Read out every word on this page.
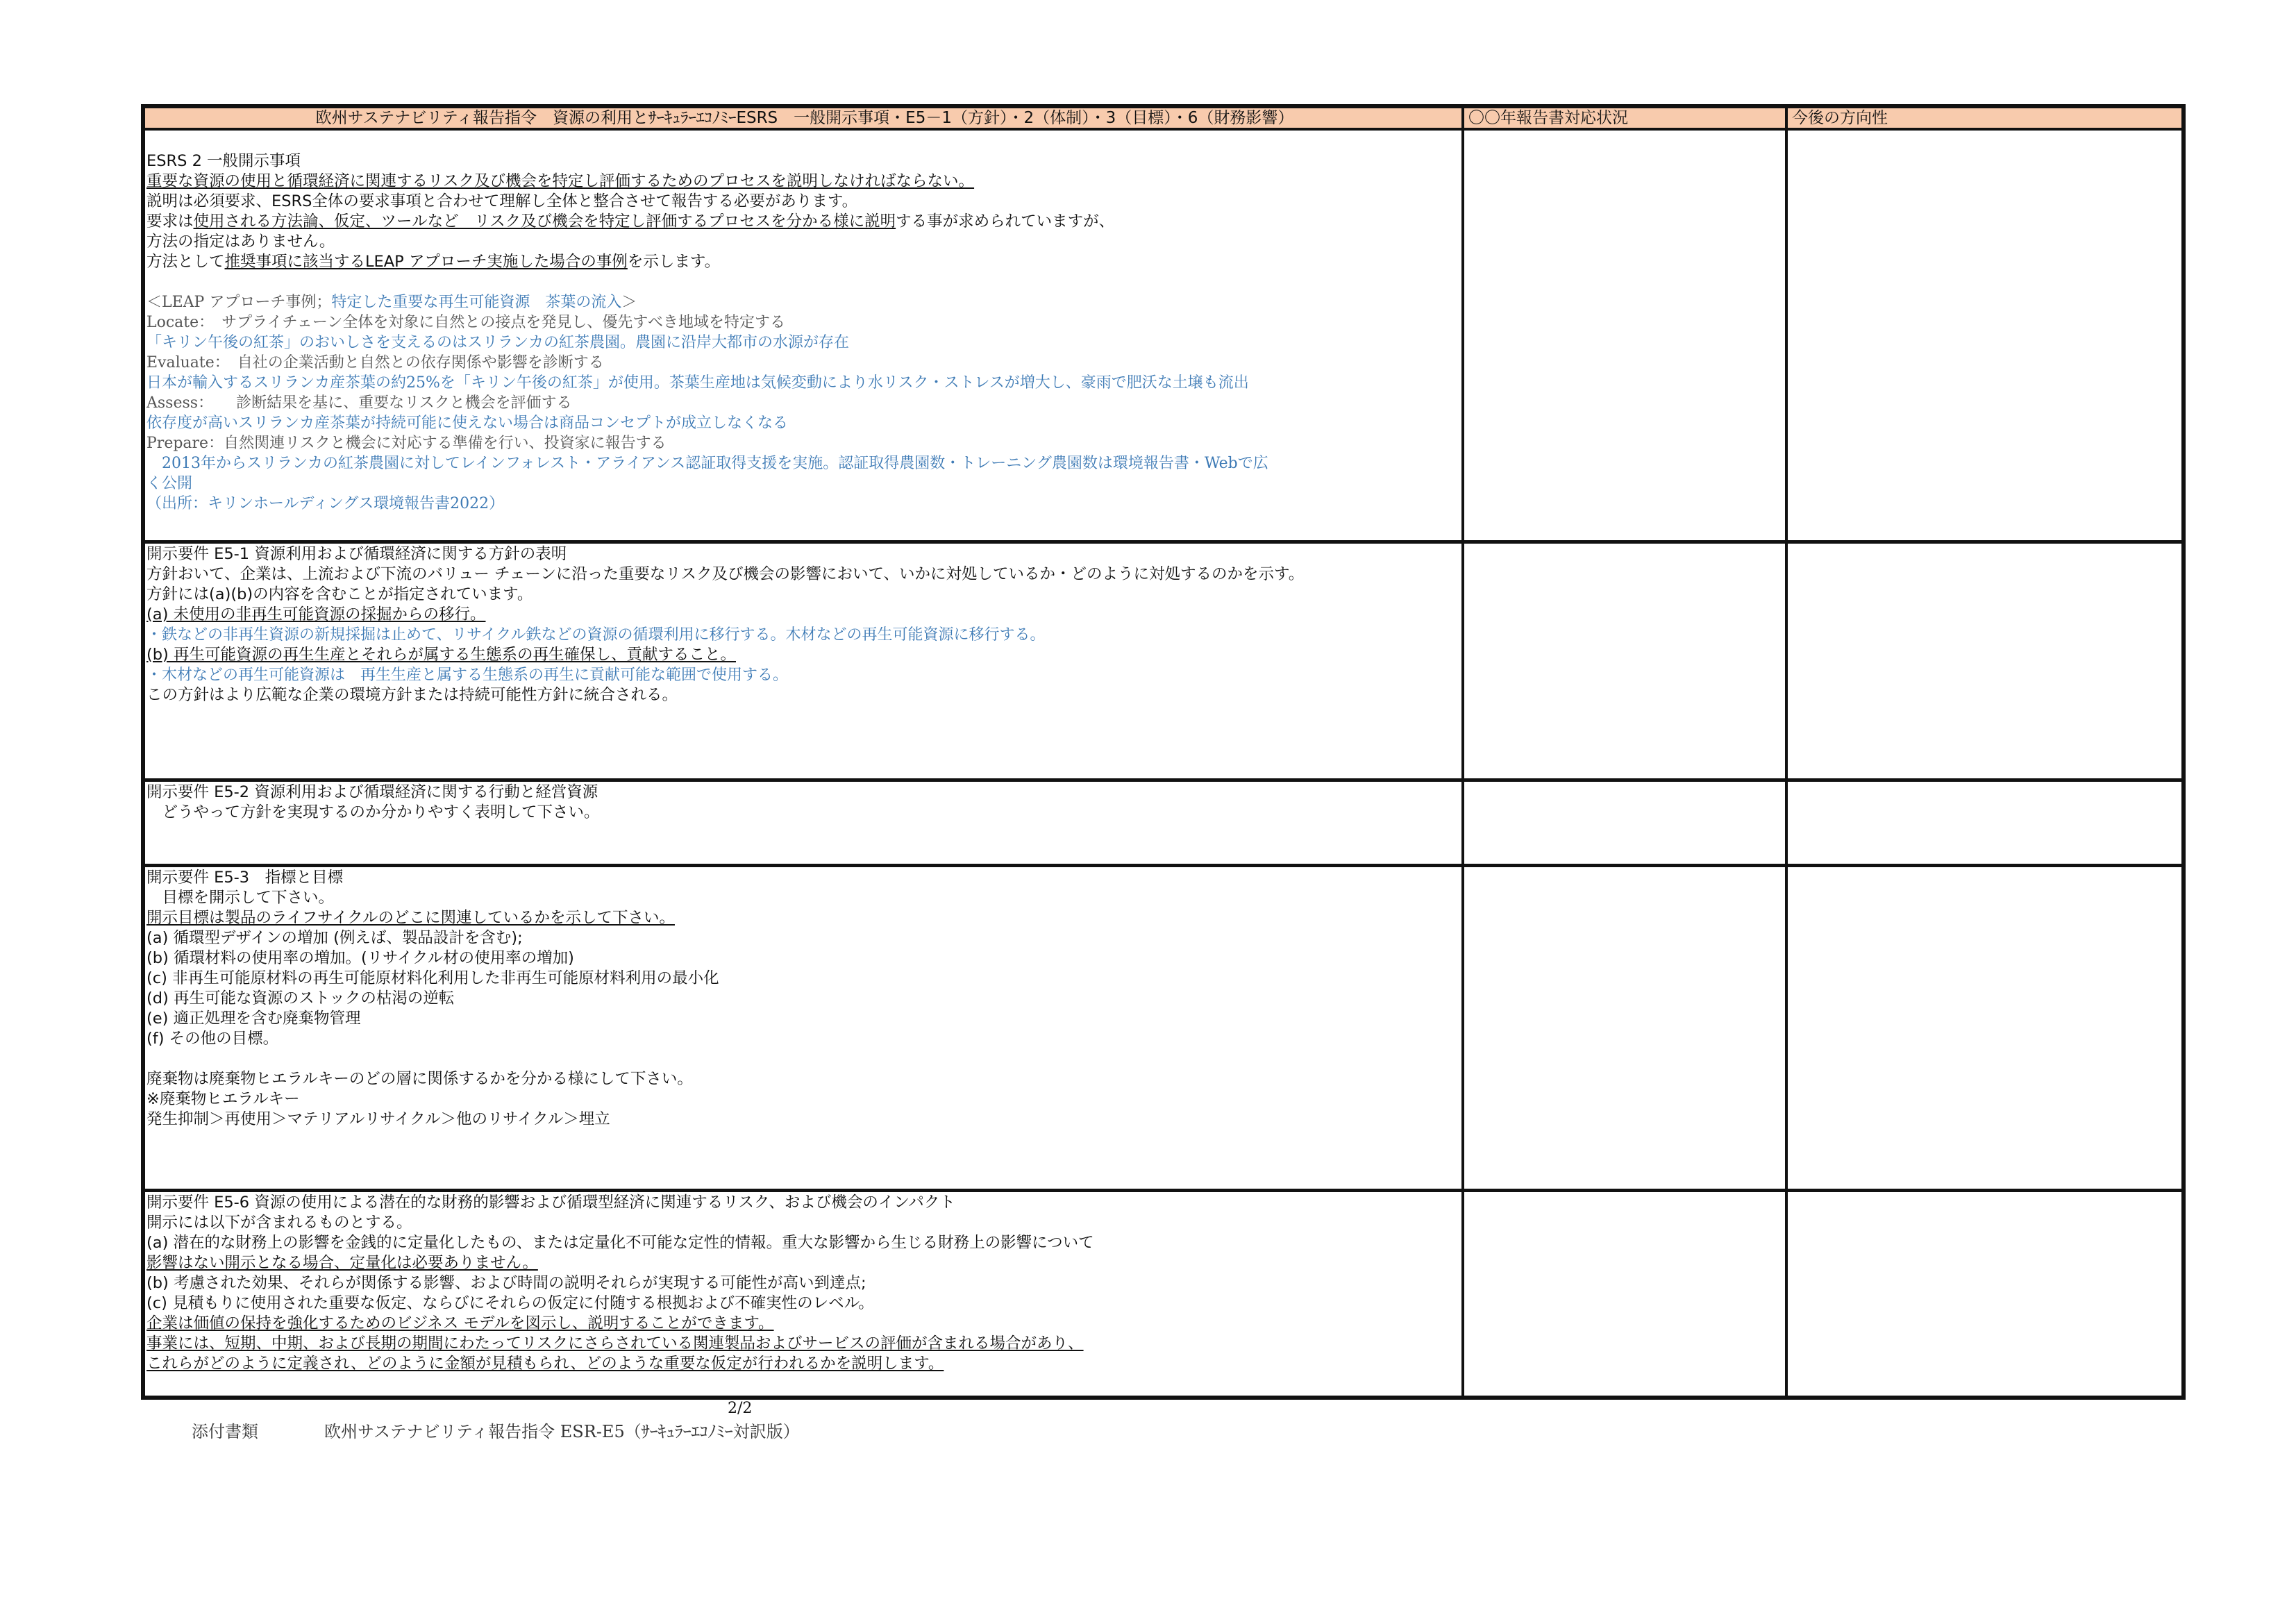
欧州サステナビリティ報告指令　資源の利用とｻｰｷｭﾗｰｴｺﾉﾐｰESRS　一般開示事項・E5－1（方針）・2（体制）・3（目標）・6（財務影響）	〇〇年報告書対応状況	今後の方向性
ESRS 2 一般開示事項
重要な資源の使用と循環経済に関連するリスク及び機会を特定し評価するためのプロセスを説明しなければならない。
説明は必須要求、ESRS全体の要求事項と合わせて理解し全体と整合させて報告する必要があります。
要求は使用される方法論、仮定、ツールなど　リスク及び機会を特定し評価するプロセスを分かる様に説明する事が求められていますが、
方法の指定はありません。
方法として推奨事項に該当するLEAP アプローチ実施した場合の事例を示します。
＜LEAP アプローチ事例；特定した重要な再生可能資源　茶葉の流入＞
Locate：　サプライチェーン全体を対象に自然との接点を発見し、優先すべき地域を特定する
「キリン午後の紅茶」のおいしさを支えるのはスリランカの紅茶農園。農園に沿岸大都市の水源が存在
Evaluate：　自社の企業活動と自然との依存関係や影響を診断する
日本が輸入するスリランカ産茶葉の約25%を「キリン午後の紅茶」が使用。茶葉生産地は気候変動により水リスク・ストレスが増大し、豪雨で肥沃な土壌も流出
Assess：　　診断結果を基に、重要なリスクと機会を評価する
依存度が高いスリランカ産茶葉が持続可能に使えない場合は商品コンセプトが成立しなくなる
Prepare：自然関連リスクと機会に対応する準備を行い、投資家に報告する
　2013年からスリランカの紅茶農園に対してレインフォレスト・アライアンス認証取得支援を実施。認証取得農園数・トレーニング農園数は環境報告書・Webで広
く公開
（出所：キリンホールディングス環境報告書2022）
開示要件 E5-1 資源利用および循環経済に関する方針の表明
方針おいて、企業は、上流および下流のバリュー チェーンに沿った重要なリスク及び機会の影響において、いかに対処しているか・どのように対処するのかを示す。
方針には(a)(b)の内容を含むことが指定されています。
(a) 未使用の非再生可能資源の採掘からの移行。
・鉄などの非再生資源の新規採掘は止めて、リサイクル鉄などの資源の循環利用に移行する。木材などの再生可能資源に移行する。
(b) 再生可能資源の再生生産とそれらが属する生態系の再生確保し、貢献すること。
・木材などの再生可能資源は　再生生産と属する生態系の再生に貢献可能な範囲で使用する。
この方針はより広範な企業の環境方針または持続可能性方針に統合される。
開示要件 E5-2 資源利用および循環経済に関する行動と経営資源
　どうやって方針を実現するのか分かりやすく表明して下さい。
開示要件 E5-3　指標と目標
　目標を開示して下さい。
開示目標は製品のライフサイクルのどこに関連しているかを示して下さい。
(a) 循環型デザインの増加 (例えば、製品設計を含む);
(b) 循環材料の使用率の増加。(リサイクル材の使用率の増加)
(c) 非再生可能原材料の再生可能原材料化利用した非再生可能原材料利用の最小化
(d) 再生可能な資源のストックの枯渇の逆転
(e) 適正処理を含む廃棄物管理
(f) その他の目標。
廃棄物は廃棄物ヒエラルキーのどの層に関係するかを分かる様にして下さい。
※廃棄物ヒエラルキー
発生抑制＞再使用＞マテリアルリサイクル＞他のリサイクル＞埋立
開示要件 E5-6 資源の使用による潜在的な財務的影響および循環型経済に関連するリスク、および機会のインパクト
開示には以下が含まれるものとする。
(a) 潜在的な財務上の影響を金銭的に定量化したもの、または定量化不可能な定性的情報。重大な影響から生じる財務上の影響について
影響はない開示となる場合、定量化は必要ありません。
(b) 考慮された効果、それらが関係する影響、および時間の説明それらが実現する可能性が高い到達点;
(c) 見積もりに使用された重要な仮定、ならびにそれらの仮定に付随する根拠および不確実性のレベル。
企業は価値の保持を強化するためのビジネス モデルを図示し、説明することができます。
事業には、短期、中期、および長期の期間にわたってリスクにさらされている関連製品およびサービスの評価が含まれる場合があり、
これらがどのように定義され、どのように金額が見積もられ、どのような重要な仮定が行われるかを説明します。
2/2
添付書類	欧州サステナビリティ報告指令 ESR-E5（ｻｰｷｭﾗｰｴｺﾉﾐｰ対訳版）
